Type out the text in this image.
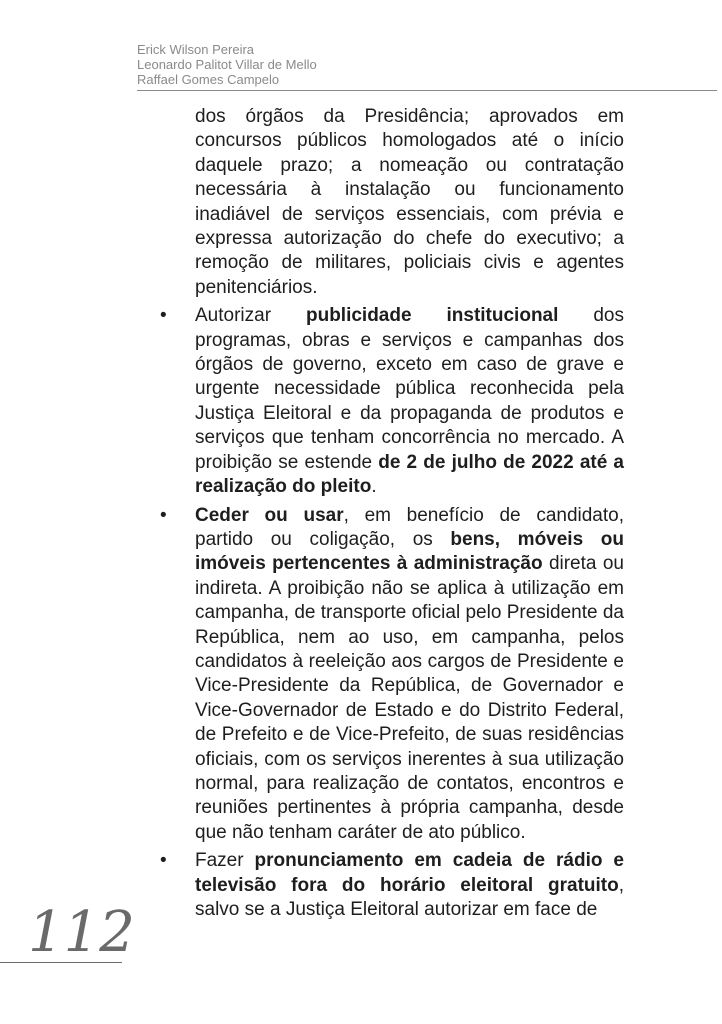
Erick Wilson Pereira
Leonardo Palitot Villar de Mello
Raffael Gomes Campelo

dos órgãos da Presidência; aprovados em concursos públicos homologados até o início daquele prazo; a nomeação ou contratação necessária à instalação ou funcionamento inadiável de serviços essenciais, com prévia e expressa autorização do chefe do executivo; a remoção de militares, policiais civis e agentes penitenciários.

• Autorizar publicidade institucional dos programas, obras e serviços e campanhas dos órgãos de governo, exceto em caso de grave e urgente necessidade pública reconhecida pela Justiça Eleitoral e da propaganda de produtos e serviços que tenham concorrência no mercado. A proibição se estende de 2 de julho de 2022 até a realização do pleito.
• Ceder ou usar, em benefício de candidato, partido ou coligação, os bens, móveis ou imóveis pertencentes à administração direta ou indireta. A proibição não se aplica à utilização em campanha, de transporte oficial pelo Presidente da República, nem ao uso, em campanha, pelos candidatos à reeleição aos cargos de Presidente e Vice-Presidente da República, de Governador e Vice-Governador de Estado e do Distrito Federal, de Prefeito e de Vice-Prefeito, de suas residências oficiais, com os serviços inerentes à sua utilização normal, para realização de contatos, encontros e reuniões pertinentes à própria campanha, desde que não tenham caráter de ato público.
• Fazer pronunciamento em cadeia de rádio e televisão fora do horário eleitoral gratuito, salvo se a Justiça Eleitoral autorizar em face de
112
